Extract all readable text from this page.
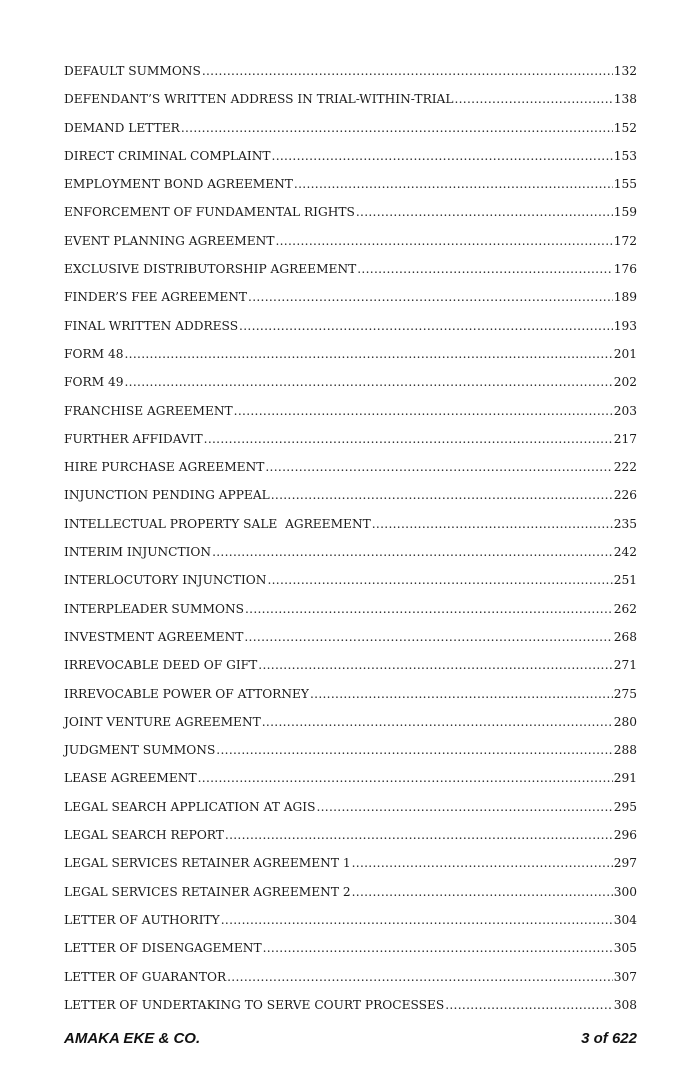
DEFAULT SUMMONS .....	132
DEFENDANT’S WRITTEN ADDRESS IN TRIAL-WITHIN-TRIAL .....	138
DEMAND LETTER .....	152
DIRECT CRIMINAL COMPLAINT .....	153
EMPLOYMENT BOND AGREEMENT .....	155
ENFORCEMENT OF FUNDAMENTAL RIGHTS .....	159
EVENT PLANNING AGREEMENT .....	172
EXCLUSIVE DISTRIBUTORSHIP AGREEMENT .....	176
FINDER’S FEE AGREEMENT .....	189
FINAL WRITTEN ADDRESS .....	193
FORM 48 .....	201
FORM 49 .....	202
FRANCHISE AGREEMENT .....	203
FURTHER AFFIDAVIT .....	217
HIRE PURCHASE AGREEMENT .....	222
INJUNCTION PENDING APPEAL .....	226
INTELLECTUAL PROPERTY SALE  AGREEMENT .....	235
INTERIM INJUNCTION .....	242
INTERLOCUTORY INJUNCTION .....	251
INTERPLEADER SUMMONS .....	262
INVESTMENT AGREEMENT .....	268
IRREVOCABLE DEED OF GIFT .....	271
IRREVOCABLE POWER OF ATTORNEY .....	275
JOINT VENTURE AGREEMENT .....	280
JUDGMENT SUMMONS .....	288
LEASE AGREEMENT .....	291
LEGAL SEARCH APPLICATION AT AGIS .....	295
LEGAL SEARCH REPORT .....	296
LEGAL SERVICES RETAINER AGREEMENT 1 .....	297
LEGAL SERVICES RETAINER AGREEMENT 2 .....	300
LETTER OF AUTHORITY .....	304
LETTER OF DISENGAGEMENT .....	305
LETTER OF GUARANTOR .....	307
LETTER OF UNDERTAKING TO SERVE COURT PROCESSES .....	308
AMAKA EKE & CO.	3 of 622
